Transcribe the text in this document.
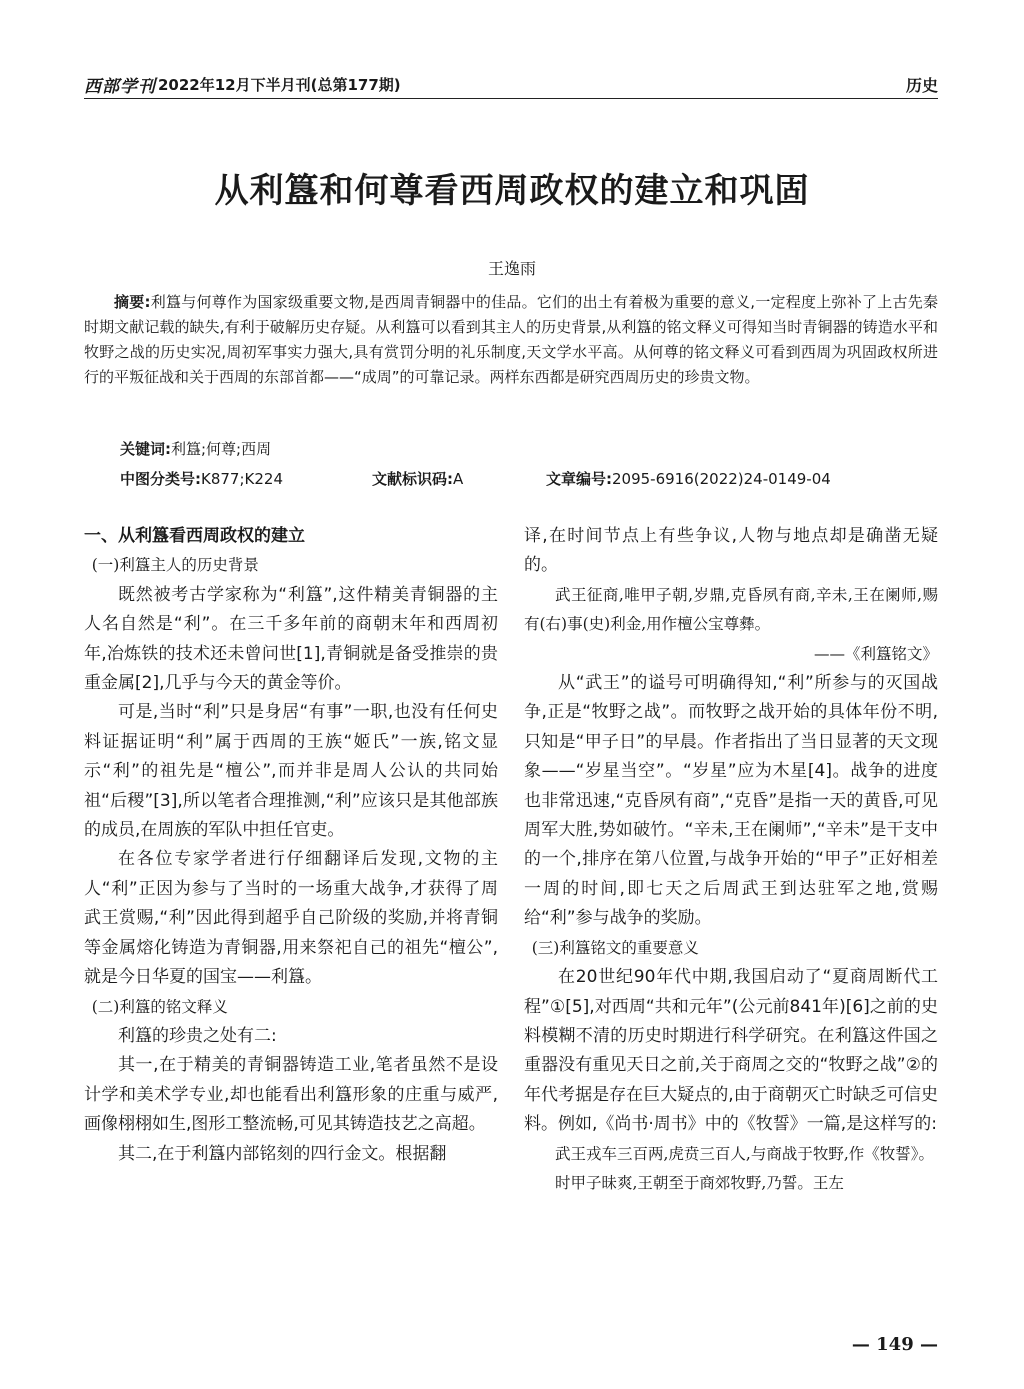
西部学刊 2022年12月下半月刊(总第177期)	历史
从利簋和何尊看西周政权的建立和巩固
王逸雨

摘要:利簋与何尊作为国家级重要文物,是西周青铜器中的佳品。它们的出土有着极为重要的意义,一定程度上弥补了上古先秦时期文献记载的缺失,有利于破解历史存疑。从利簋可以看到其主人的历史背景,从利簋的铭文释义可得知当时青铜器的铸造水平和牧野之战的历史实况,周初军事实力强大,具有赏罚分明的礼乐制度,天文学水平高。从何尊的铭文释义可看到西周为巩固政权所进行的平叛征战和关于西周的东部首都——“成周”的可靠记录。两样东西都是研究西周历史的珍贵文物。

关键词:利簋;何尊;西周
中图分类号:K877;K224	文献标识码:A	文章编号:2095-6916(2022)24-0149-04

一、从利簋看西周政权的建立

(一)利簋主人的历史背景

既然被考古学家称为“利簋”,这件精美青铜器的主人名自然是“利”。在三千多年前的商朝末年和西周初年,冶炼铁的技术还未曾问世[1],青铜就是备受推崇的贵重金属[2],几乎与今天的黄金等价。

可是,当时“利”只是身居“有事”一职,也没有任何史料证据证明“利”属于西周的王族“姬氏”一族,铭文显示“利”的祖先是“檀公”,而并非是周人公认的共同始祖“后稷”[3],所以笔者合理推测,“利”应该只是其他部族的成员,在周族的军队中担任官吏。

在各位专家学者进行仔细翻译后发现,文物的主人“利”正因为参与了当时的一场重大战争,才获得了周武王赏赐,“利”因此得到超乎自己阶级的奖励,并将青铜等金属熔化铸造为青铜器,用来祭祀自己的祖先“檀公”,就是今日华夏的国宝——利簋。

(二)利簋的铭文释义

利簋的珍贵之处有二:

其一,在于精美的青铜器铸造工业,笔者虽然不是设计学和美术学专业,却也能看出利簋形象的庄重与威严,画像栩栩如生,图形工整流畅,可见其铸造技艺之高超。

其二,在于利簋内部铭刻的四行金文。根据翻

译,在时间节点上有些争议,人物与地点却是确凿无疑的。

武王征商,唯甲子朝,岁鼎,克昏夙有商,辛未,王在阑师,赐有(右)事(史)利金,用作檀公宝尊彝。

——《利簋铭文》

从“武王”的谥号可明确得知,“利”所参与的灭国战争,正是“牧野之战”。而牧野之战开始的具体年份不明,只知是“甲子日”的早晨。作者指出了当日显著的天文现象——“岁星当空”。“岁星”应为木星[4]。战争的进度也非常迅速,“克昏夙有商”,“克昏”是指一天的黄昏,可见周军大胜,势如破竹。“辛未,王在阑师”,“辛未”是干支中的一个,排序在第八位置,与战争开始的“甲子”正好相差一周的时间,即七天之后周武王到达驻军之地,赏赐给“利”参与战争的奖励。

(三)利簋铭文的重要意义

在20世纪90年代中期,我国启动了“夏商周断代工程”①[5],对西周“共和元年”(公元前841年)[6]之前的史料模糊不清的历史时期进行科学研究。在利簋这件国之重器没有重见天日之前,关于商周之交的“牧野之战”②的年代考据是存在巨大疑点的,由于商朝灭亡时缺乏可信史料。例如,《尚书·周书》中的《牧誓》一篇,是这样写的:

武王戎车三百两,虎贲三百人,与商战于牧野,作《牧誓》。

时甲子昧爽,王朝至于商郊牧野,乃誓。王左

— 149 —
